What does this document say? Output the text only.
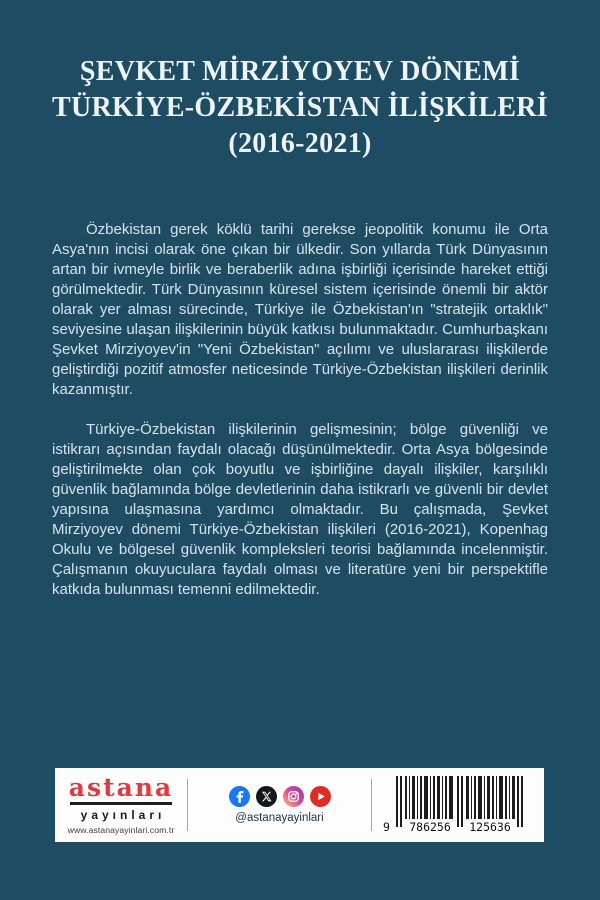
ŞEVKET MİRZİYOYEV DÖNEMİ
TÜRKİYE-ÖZBEKİSTAN İLİŞKİLERİ
(2016-2021)

Özbekistan gerek köklü tarihi gerekse jeopolitik konumu ile Orta Asya'nın incisi olarak öne çıkan bir ülkedir. Son yıllarda Türk Dünyasının artan bir ivmeyle birlik ve beraberlik adına işbirliği içerisinde hareket ettiği görülmektedir. Türk Dünyasının küresel sistem içerisinde önemli bir aktör olarak yer alması sürecinde, Türkiye ile Özbekistan'ın "stratejik ortaklık" seviyesine ulaşan ilişkilerinin büyük katkısı bulunmaktadır. Cumhurbaşkanı Şevket Mirziyoyev'in "Yeni Özbekistan" açılımı ve uluslararası ilişkilerde geliştirdiği pozitif atmosfer neticesinde Türkiye-Özbekistan ilişkileri derinlik kazanmıştır.

Türkiye-Özbekistan ilişkilerinin gelişmesinin; bölge güvenliği ve istikrarı açısından faydalı olacağı düşünülmektedir. Orta Asya bölgesinde geliştirilmekte olan çok boyutlu ve işbirliğine dayalı ilişkiler, karşılıklı güvenlik bağlamında bölge devletlerinin daha istikrarlı ve güvenli bir devlet yapısına ulaşmasına yardımcı olmaktadır. Bu çalışmada, Şevket Mirziyoyev dönemi Türkiye-Özbekistan ilişkileri (2016-2021), Kopenhag Okulu ve bölgesel güvenlik kompleksleri teorisi bağlamında incelenmiştir. Çalışmanın okuyuculara faydalı olması ve literatüre yeni bir perspektifle katkıda bulunması temenni edilmektedir.

astana
yayınları
www.astanayayinlari.com.tr
@astanayayinlari
9 786256 125636
